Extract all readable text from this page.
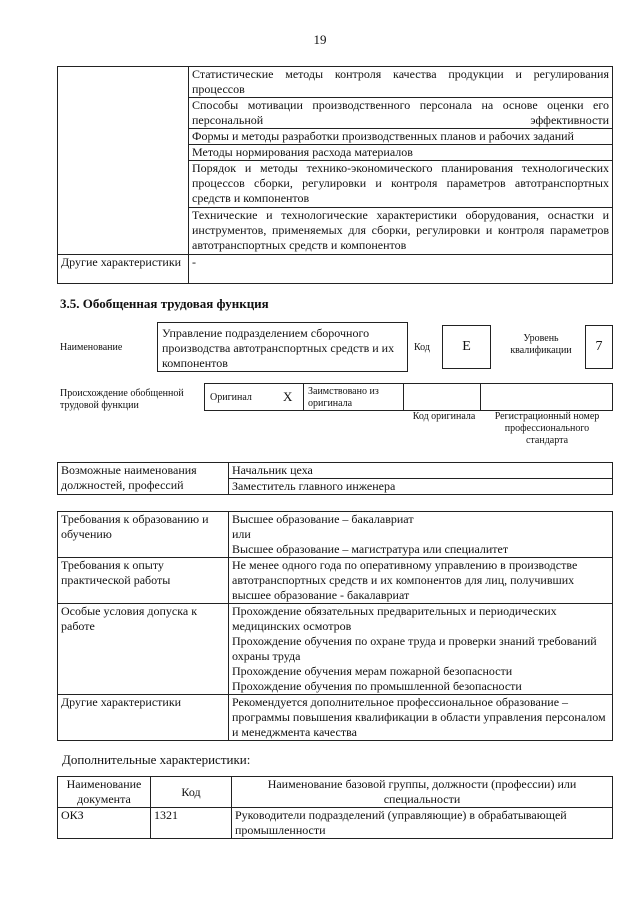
19

	Статистические методы контроля качества продукции и регулирования процессов

	Способы мотивации производственного персонала на основе оценки его персональной эффективности

	Формы и методы разработки производственных планов и рабочих заданий
	Методы нормирования расхода материалов

	Порядок и методы технико-экономического планирования технологических процессов сборки, регулировки и контроля параметров автотранспортных средств и компонентов

	Технические и технологические характеристики оборудования, оснастки и инструментов, применяемых для сборки, регулировки и контроля параметров автотранспортных средств и компонентов

Другие характеристики	-
3.5. Обобщенная трудовая функция
Наименование
Управление подразделением сборочного производства автотранспортных средств и их компонентов
Код	E
Уровень квалификации	7
Происхождение обобщенной трудовой функции
Оригинал X	Заимствовано из оригинала
Код оригинала	Регистрационный номер профессионального стандарта
Возможные наименования должностей, профессий	Начальник цеха
Заместитель главного инженера
Требования к образованию и обучению	Высшее образование – бакалавриат
или
Высшее образование – магистратура или специалитет

Требования к опыту практической работы	Не менее одного года по оперативному управлению в производстве автотранспортных средств и их компонентов для лиц, получивших высшее образование - бакалавриат
Особые условия допуска к работе	Прохождение обязательных предварительных и периодических медицинских осмотров
Прохождение обучения по охране труда и проверки знаний требований охраны труда
Прохождение обучения мерам пожарной безопасности
Прохождение обучения по промышленной безопасности

Другие характеристики	Рекомендуется дополнительное профессиональное образование – программы повышения квалификации в области управления персоналом и менеджмента качества
Дополнительные характеристики:
Наименование документа	Код	Наименование базовой группы, должности (профессии) или специальности
ОКЗ	1321	Руководители подразделений (управляющие) в обрабатывающей промышленности
